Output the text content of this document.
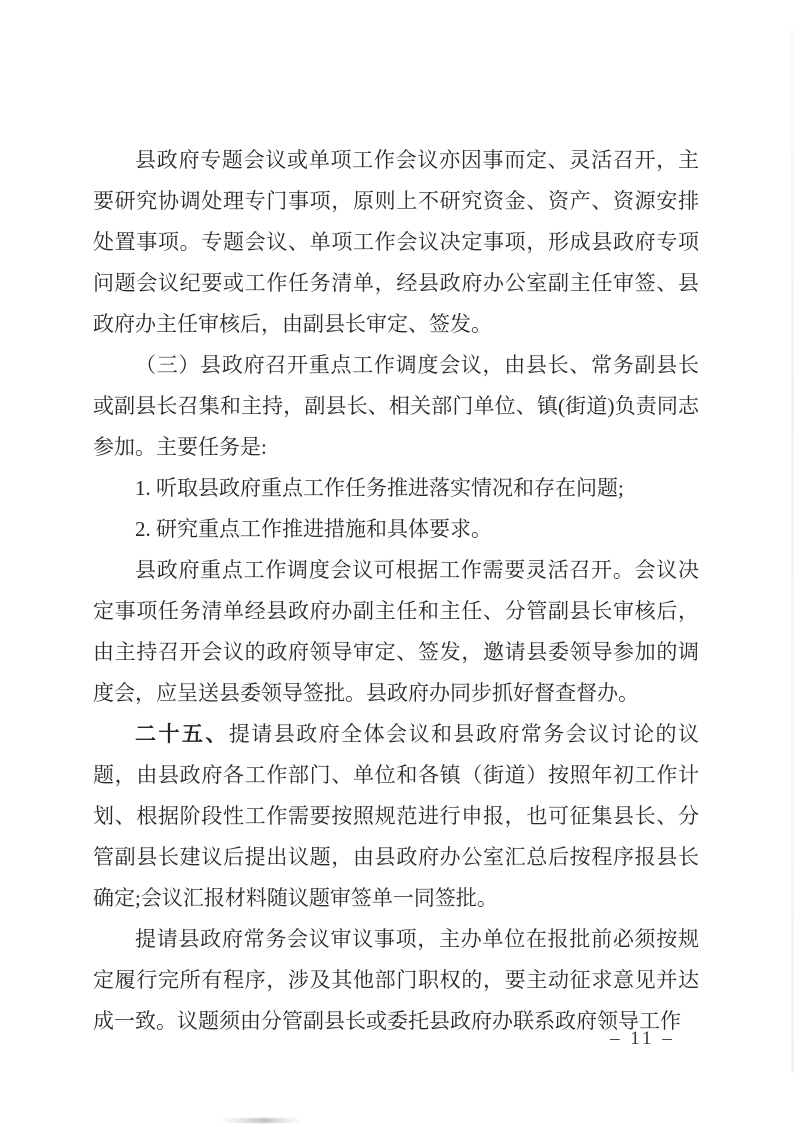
县政府专题会议或单项工作会议亦因事而定、灵活召开，主要研究协调处理专门事项，原则上不研究资金、资产、资源安排处置事项。专题会议、单项工作会议决定事项，形成县政府专项问题会议纪要或工作任务清单，经县政府办公室副主任审签、县政府办主任审核后，由副县长审定、签发。

（三）县政府召开重点工作调度会议，由县长、常务副县长或副县长召集和主持，副县长、相关部门单位、镇(街道)负责同志参加。主要任务是:

1. 听取县政府重点工作任务推进落实情况和存在问题;

2. 研究重点工作推进措施和具体要求。

县政府重点工作调度会议可根据工作需要灵活召开。会议决定事项任务清单经县政府办副主任和主任、分管副县长审核后，由主持召开会议的政府领导审定、签发，邀请县委领导参加的调度会，应呈送县委领导签批。县政府办同步抓好督查督办。

二十五、提请县政府全体会议和县政府常务会议讨论的议题，由县政府各工作部门、单位和各镇（街道）按照年初工作计划、根据阶段性工作需要按照规范进行申报，也可征集县长、分管副县长建议后提出议题，由县政府办公室汇总后按程序报县长确定;会议汇报材料随议题审签单一同签批。

提请县政府常务会议审议事项，主办单位在报批前必须按规定履行完所有程序，涉及其他部门职权的，要主动征求意见并达成一致。议题须由分管副县长或委托县政府办联系政府领导工作

– 11 –
